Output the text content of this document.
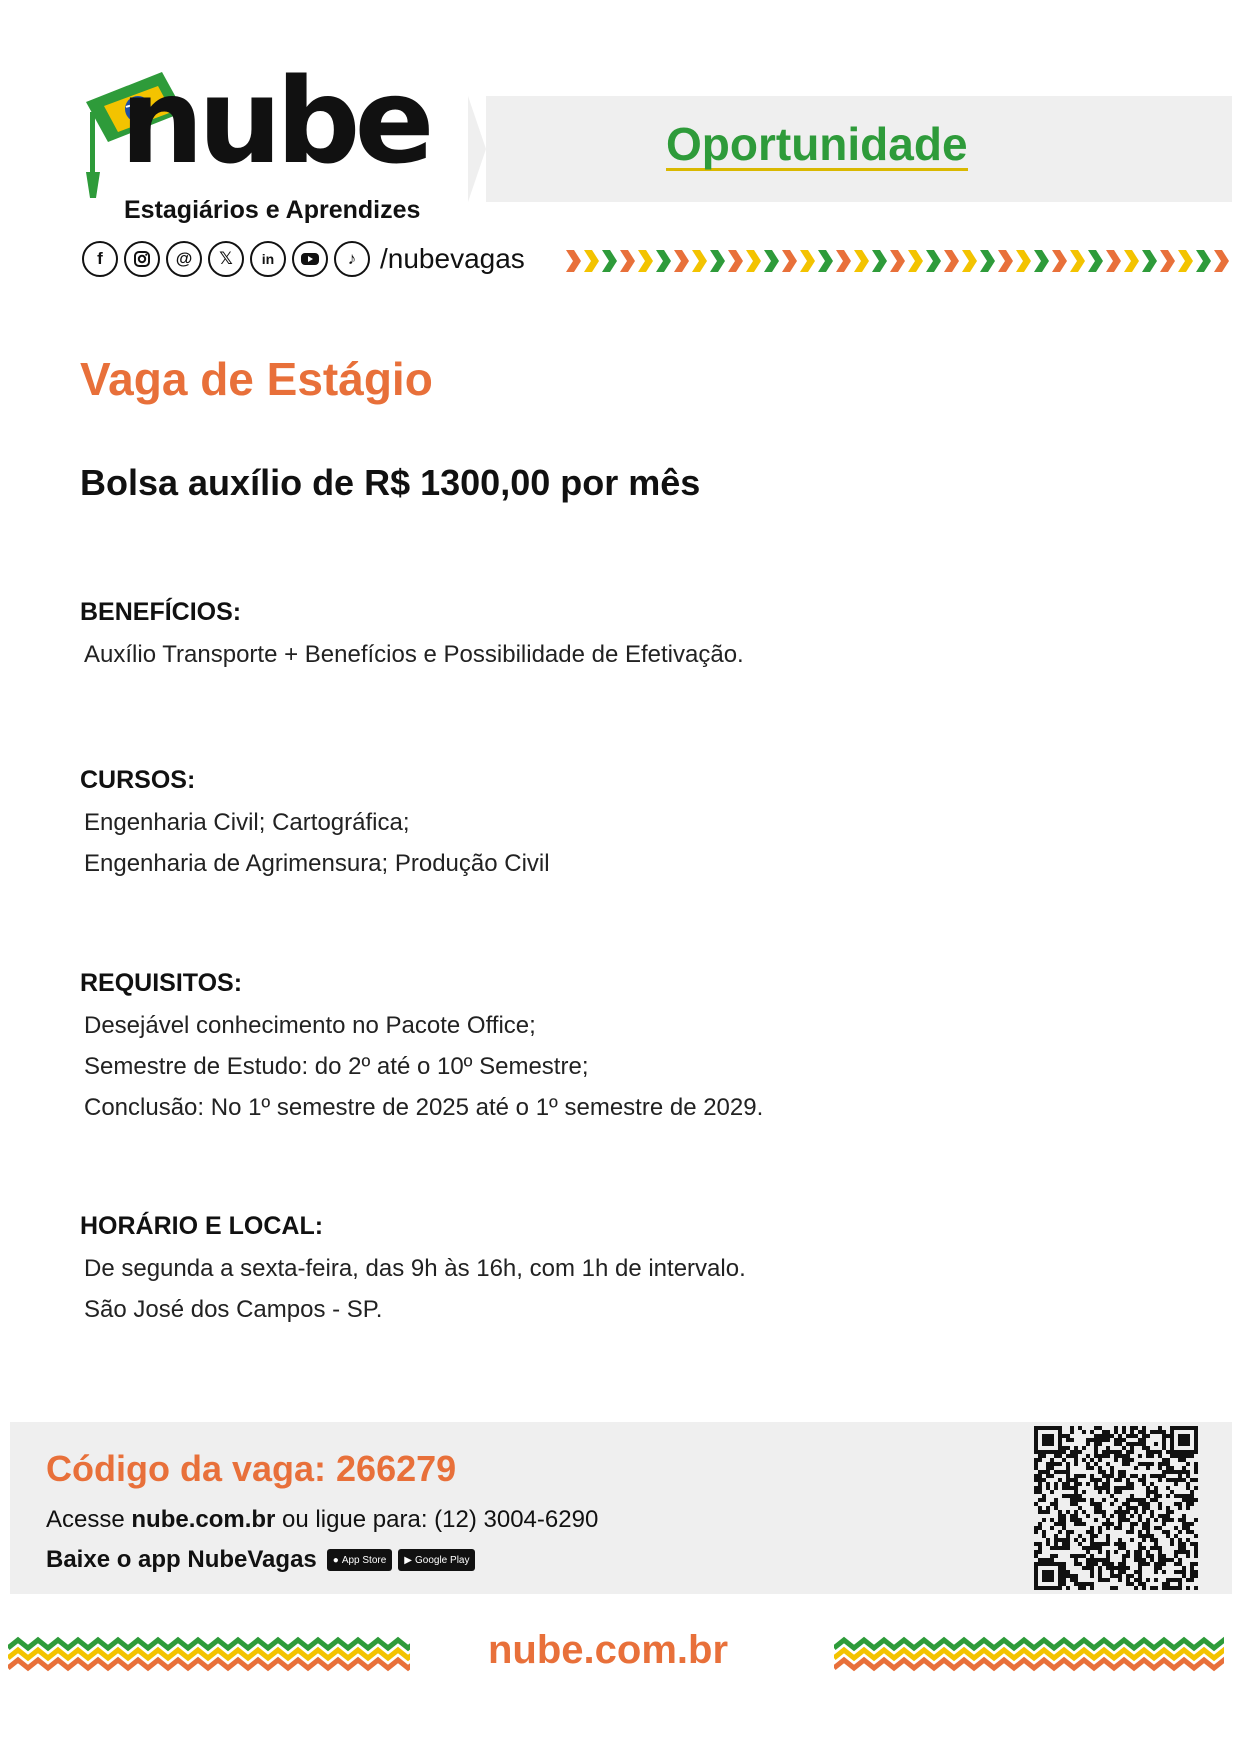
nube
Estagiários e Aprendizes
Oportunidade
f	@	𝕏	in	♪ /nubevagas
Vaga de Estágio
Bolsa auxílio de R$ 1300,00 por mês
BENEFÍCIOS:
Auxílio Transporte + Benefícios e Possibilidade de Efetivação.
CURSOS:
Engenharia Civil; Cartográfica;
Engenharia de Agrimensura; Produção Civil
REQUISITOS:
Desejável conhecimento no Pacote Office;
Semestre de Estudo: do 2º até o 10º Semestre;
Conclusão: No 1º semestre de 2025 até o 1º semestre de 2029.
HORÁRIO E LOCAL:
De segunda a sexta-feira, das 9h às 16h, com 1h de intervalo.
São José dos Campos - SP.
Código da vaga: 266279
Acesse nube.com.br ou ligue para: (12) 3004-6290
Baixe o app NubeVagas ● App Store ▶ Google Play
nube.com.br
